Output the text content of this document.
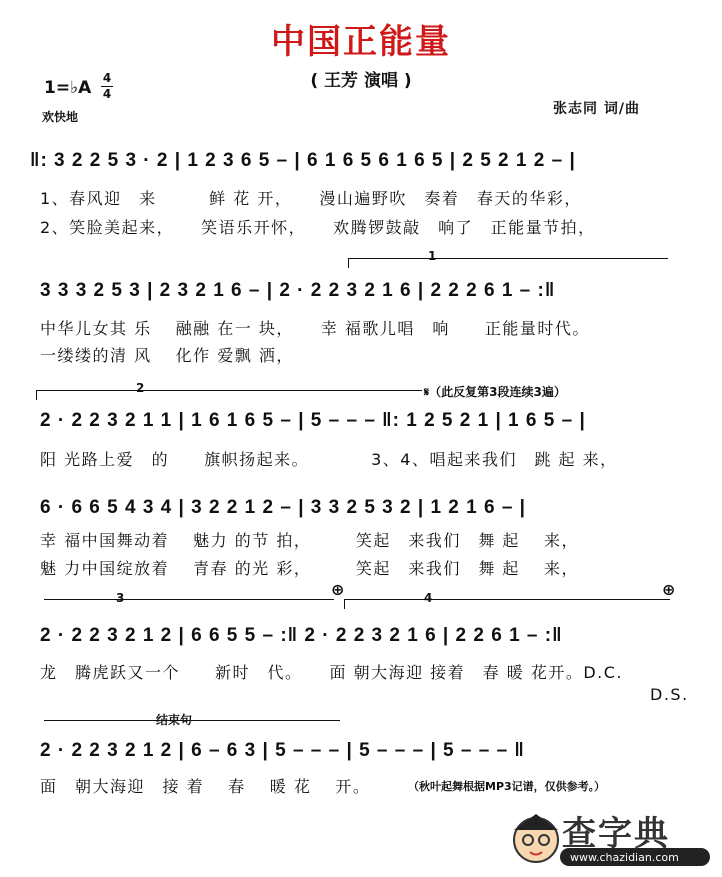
中国正能量
( 王芳 演唱 )
1=♭A 4
4
欢快地	张志同 词/曲
‖: 3 2 2 5 3 · 2 | 1 2 3 6 5 – | 6 1 6 5 6 1 6 5 | 2 5 2 1 2 – |
1、春风迎　来　　　鲜 花 开，　　漫山遍野吹　奏着　春天的华彩，
2、笑脸美起来，　　笑语乐开怀，　　欢腾锣鼓敲　响了　正能量节拍，
1
3 3 3 2 5 3 | 2 3 2 1 6 – | 2 · 2 2 3 2 1 6 | 2 2 2 6 1 – :‖
中华儿女其 乐　 融融 在一 块，　　幸 福歌儿唱　响　　正能量时代。
一缕缕的清 风　 化作 爱飘 洒，
2	𝄋（此反复第3段连续3遍）
2 · 2 2 3 2 1 1 | 1 6 1 6 5 – | 5 – – – ‖: 1 2 5 2 1 | 1 6 5 – |
阳 光路上爱　的　　旗帜扬起来。　　　　3、4、唱起来我们　跳 起 来，
6 · 6 6 5 4 3 4 | 3 2 2 1 2 – | 3 3 2 5 3 2 | 1 2 1 6 – |
幸 福中国舞动着　 魅力 的节 拍，　　　笑起　来我们　舞 起　 来，
魅 力中国绽放着　 青春 的光 彩，　　　笑起　来我们　舞 起　 来，
3	⊕	4	⊕
2 · 2 2 3 2 1 2 | 6 6 5 5 – :‖ 2 · 2 2 3 2 1 6 | 2 2 6 1 – :‖
龙　腾虎跃又一个　　新时　代。　　面 朝大海迎 接着　春 暖 花开。D.C.
D.S.
结束句
2 · 2 2 3 2 1 2 | 6 – 6 3 | 5 – – – | 5 – – – | 5 – – – ‖
面　朝大海迎　接 着　 春　 暖 花　 开。	（秋叶起舞根据MP3记谱，仅供参考。）
查字典
www.chazidian.com
